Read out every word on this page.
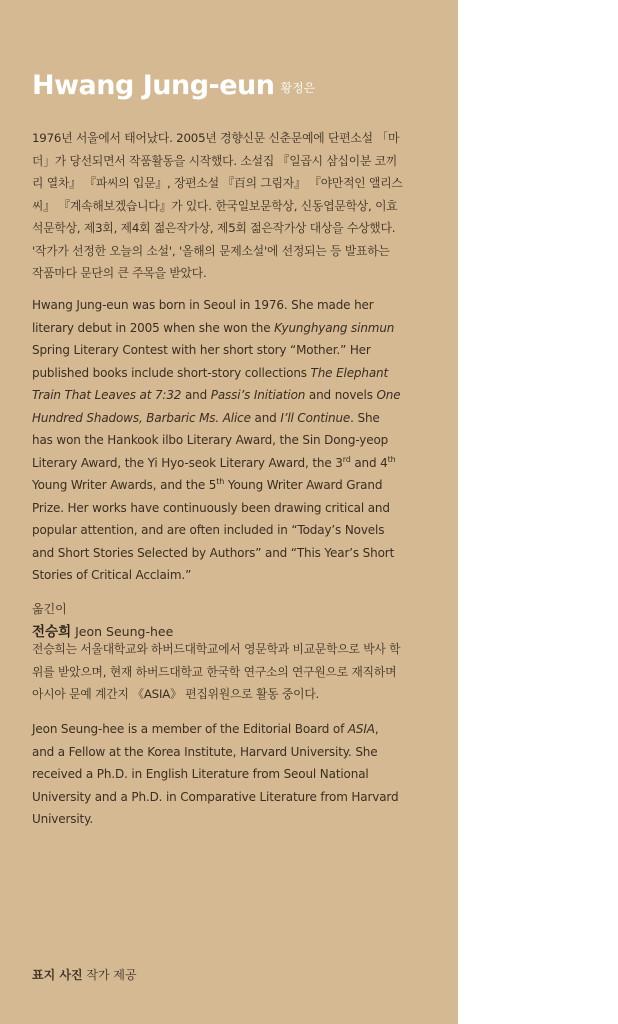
Hwang Jung-eun 황정은

1976년 서울에서 태어났다. 2005년 경향신문 신춘문예에 단편소설 「마더」가 당선되면서 작품활동을 시작했다. 소설집 『일곱시 삼십이분 코끼리 열차』 『파씨의 입문』, 장편소설 『百의 그림자』 『야만적인 앨리스씨』 『계속해보겠습니다』가 있다. 한국일보문학상, 신동엽문학상, 이효석문학상, 제3회, 제4회 젊은작가상, 제5회 젊은작가상 대상을 수상했다. '작가가 선정한 오늘의 소설', '올해의 문제소설'에 선정되는 등 발표하는 작품마다 문단의 큰 주목을 받았다.

Hwang Jung-eun was born in Seoul in 1976. She made her literary debut in 2005 when she won the Kyunghyang sinmun Spring Literary Contest with her short story “Mother.” Her published books include short-story collections The Elephant Train That Leaves at 7:32 and Passi’s Initiation and novels One Hundred Shadows, Barbaric Ms. Alice and I’ll Continue. She has won the Hankook ilbo Literary Award, the Sin Dong-yeop Literary Award, the Yi Hyo-seok Literary Award, the 3rd and 4th Young Writer Awards, and the 5th Young Writer Award Grand Prize. Her works have continuously been drawing critical and popular attention, and are often included in “Today’s Novels and Short Stories Selected by Authors” and “This Year’s Short Stories of Critical Acclaim.”

옮긴이
전승희 Jeon Seung-hee

전승희는 서울대학교와 하버드대학교에서 영문학과 비교문학으로 박사 학위를 받았으며, 현재 하버드대학교 한국학 연구소의 연구원으로 재직하며 아시아 문예 계간지 《ASIA》 편집위원으로 활동 중이다.

Jeon Seung-hee is a member of the Editorial Board of ASIA, and a Fellow at the Korea Institute, Harvard University. She received a Ph.D. in English Literature from Seoul National University and a Ph.D. in Comparative Literature from Harvard University.

표지 사진 작가 제공
